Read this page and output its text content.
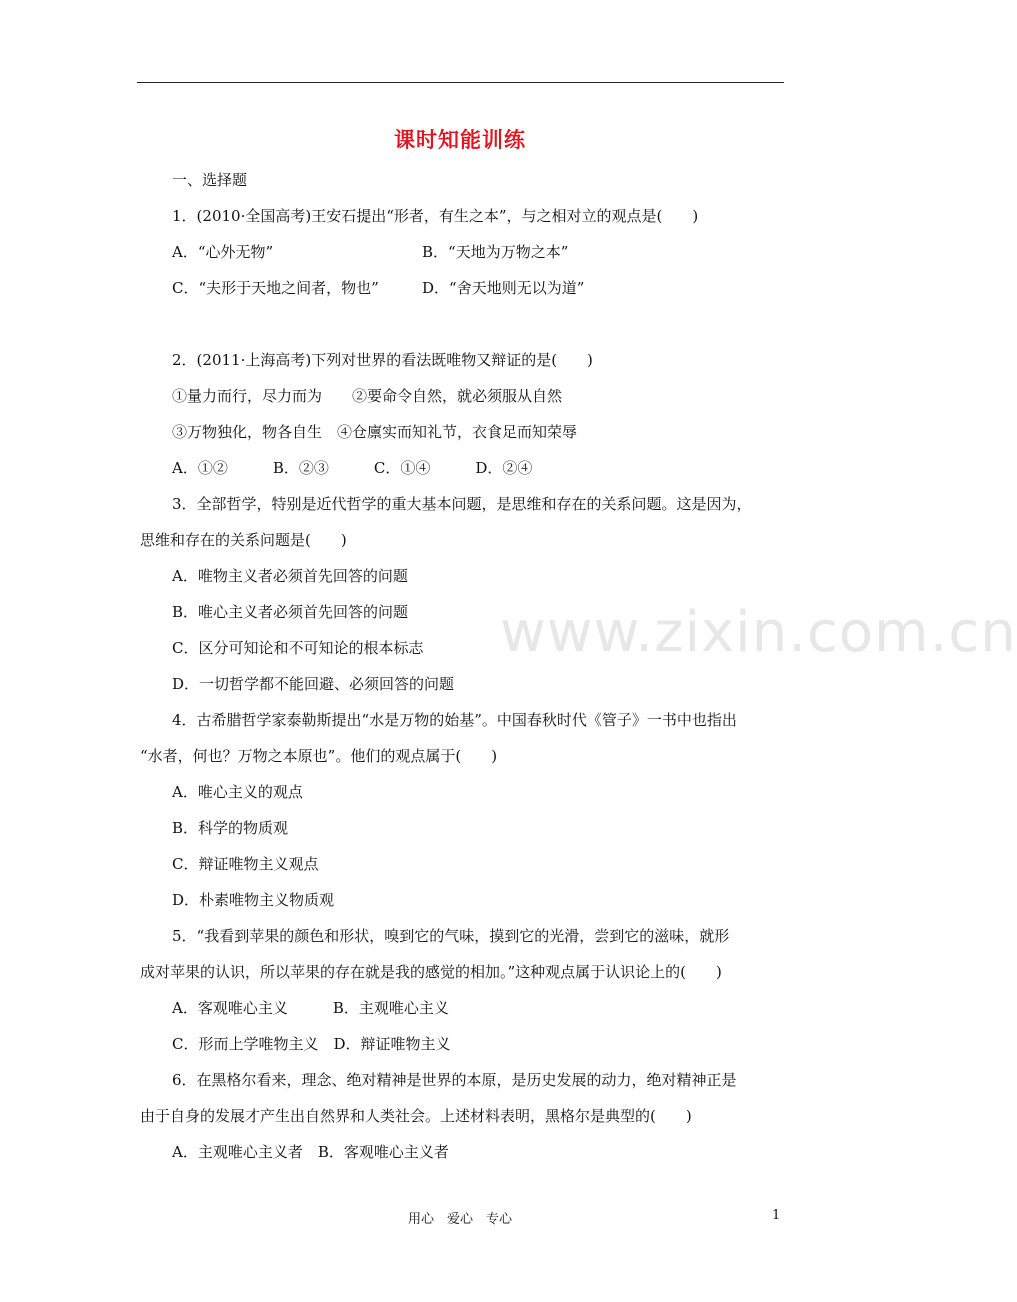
课时知能训练
一、选择题
1．(2010·全国高考)王安石提出“形者，有生之本”，与之相对立的观点是(　　)
A．“心外无物”	B．“天地为万物之本”
C．“夫形于天地之间者，物也”	D．“舍天地则无以为道”
2．(2011·上海高考)下列对世界的看法既唯物又辩证的是(　　)
①量力而行，尽力而为　　②要命令自然，就必须服从自然
③万物独化，物各自生　④仓廪实而知礼节，衣食足而知荣辱
A．①②　　　B．②③　　　C．①④　　　D．②④
3．全部哲学，特别是近代哲学的重大基本问题，是思维和存在的关系问题。这是因为，
思维和存在的关系问题是(　　)
A．唯物主义者必须首先回答的问题
B．唯心主义者必须首先回答的问题
C．区分可知论和不可知论的根本标志
D．一切哲学都不能回避、必须回答的问题
4．古希腊哲学家泰勒斯提出“水是万物的始基”。中国春秋时代《管子》一书中也指出
“水者，何也？万物之本原也”。他们的观点属于(　　)
A．唯心主义的观点
B．科学的物质观
C．辩证唯物主义观点
D．朴素唯物主义物质观
5．“我看到苹果的颜色和形状，嗅到它的气味，摸到它的光滑，尝到它的滋味，就形
成对苹果的认识，所以苹果的存在就是我的感觉的相加。”这种观点属于认识论上的(　　)
A．客观唯心主义　　　B．主观唯心主义
C．形而上学唯物主义　D．辩证唯物主义
6．在黑格尔看来，理念、绝对精神是世界的本原，是历史发展的动力，绝对精神正是
由于自身的发展才产生出自然界和人类社会。上述材料表明，黑格尔是典型的(　　)
A．主观唯心主义者　B．客观唯心主义者
www.zixin.com.cn
用心　爱心　专心	1
